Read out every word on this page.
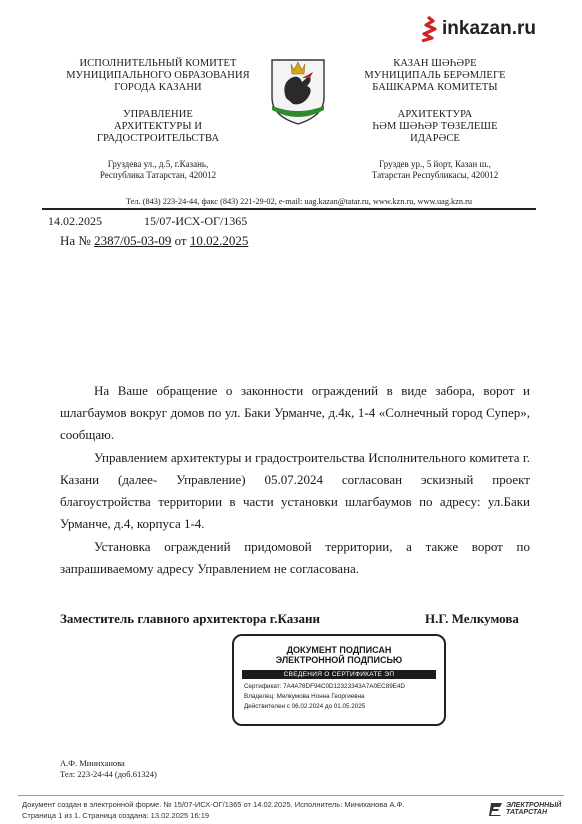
inkazan.ru
ИСПОЛНИТЕЛЬНЫЙ КОМИТЕТ
МУНИЦИПАЛЬНОГО ОБРАЗОВАНИЯ
ГОРОДА КАЗАНИ
УПРАВЛЕНИЕ
АРХИТЕКТУРЫ И
ГРАДОСТРОИТЕЛЬСТВА
Груздева ул., д.5, г.Казань,
Республика Татарстан, 420012
КАЗАН ШӘҺӘРЕ
МУНИЦИПАЛЬ БЕРӘМЛЕГЕ
БАШКАРМА КОМИТЕТЫ
АРХИТЕКТУРА
ҺӘМ ШӘҺӘР ТӨЗЕЛЕШЕ
ИДАРӘСЕ
Груздев ур., 5 йорт, Казан ш.,
Татарстан Республикасы, 420012
Тел. (843) 223-24-44, факс (843) 221-29-02, e-mail: uag.kazan@tatar.ru, www.kzn.ru, www.uag.kzn.ru
14.02.2025	15/07-ИСХ-ОГ/1365
На № 2387/05-03-09 от 10.02.2025

На Ваше обращение о законности ограждений в виде забора, ворот и шлагбаумов вокруг домов по ул. Баки Урманче, д.4к, 1-4 «Солнечный город Супер», сообщаю.

Управлением архитектуры и градостроительства Исполнительного комитета г. Казани (далее- Управление) 05.07.2024 согласован эскизный проект благоустройства территории в части установки шлагбаумов по адресу: ул.Баки Урманче, д.4, корпуса 1-4.

Установка ограждений придомовой территории, а также ворот по запрашиваемому адресу Управлением не согласована.

Заместитель главного архитектора г.Казани	Н.Г. Мелкумова
ДОКУМЕНТ ПОДПИСАН
ЭЛЕКТРОННОЙ ПОДПИСЬЮ
СВЕДЕНИЯ О СЕРТИФИКАТЕ ЭП
Сертификат: 7A4A78DF94C0D12323343A7A0EC89E4D
Владелец: Мелкумова Нонна Георгиевна
Действителен с 06.02.2024 до 01.05.2025
А.Ф. Миниханова
Тел: 223-24-44 (доб.61324)
Документ создан в электронной форме. № 15/07-ИСХ-ОГ/1365 от 14.02.2025. Исполнитель: Миниханова А.Ф.
Страница 1 из 1. Страница создана: 13.02.2025 16:19
ЭЛЕКТРОННЫЙ
ТАТАРСТАН
